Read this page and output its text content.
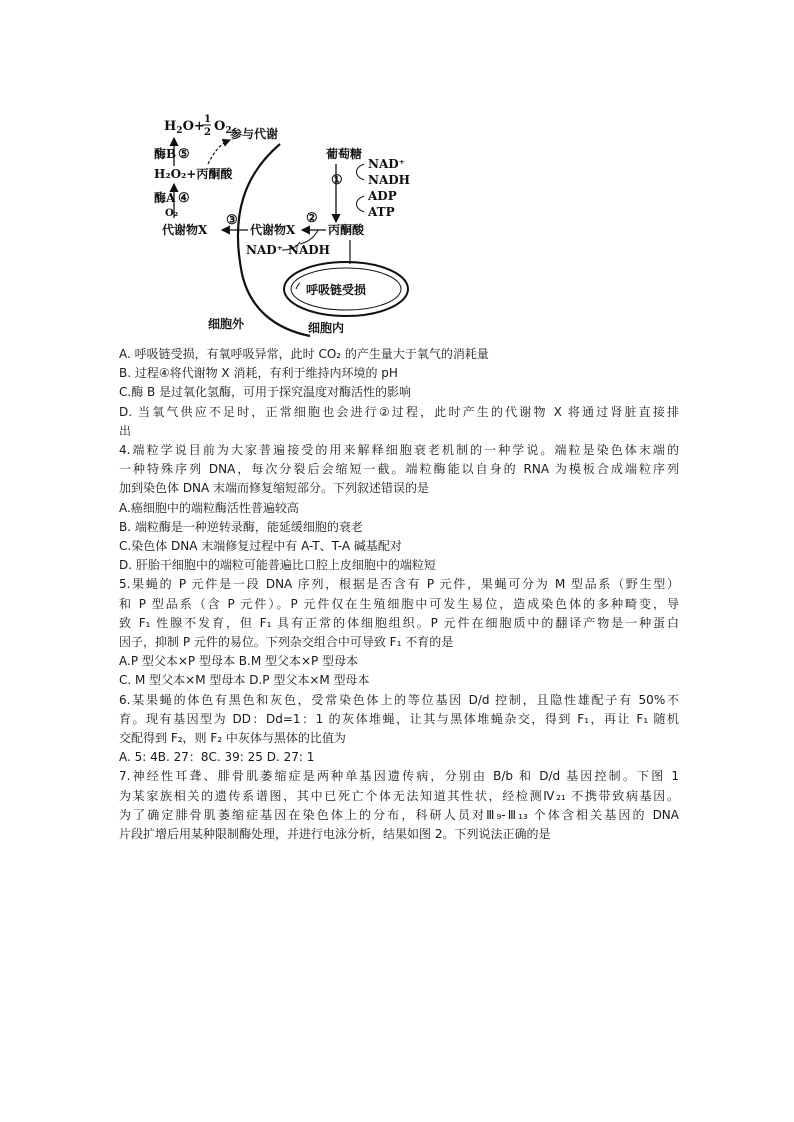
$H_2O+ 1$
2 $O_2$
酶B ⑤
参与代谢
H₂O₂+丙酮酸
酶A ④
O₂
代谢物X
③
代谢物X
②
丙酮酸
葡萄糖
①
NAD⁺
NADH
ADP
ATP
NAD⁺ NADH
呼吸链受损
细胞外	细胞内

A. 呼吸链受损，有氧呼吸异常，此时 CO₂ 的产生量大于氧气的消耗量

B. 过程④将代谢物 X 消耗，有利于维持内环境的 pH

C.酶 B 是过氧化氢酶，可用于探究温度对酶活性的影响

D. 当氧气供应不足时，正常细胞也会进行②过程，此时产生的代谢物 X 将通过肾脏直接排

出

4.端粒学说目前为大家普遍接受的用来解释细胞衰老机制的一种学说。端粒是染色体末端的

一种特殊序列 DNA，每次分裂后会缩短一截。端粒酶能以自身的 RNA 为模板合成端粒序列

加到染色体 DNA 末端而修复缩短部分。下列叙述错误的是

A.癌细胞中的端粒酶活性普遍较高

B. 端粒酶是一种逆转录酶，能延缓细胞的衰老

C.染色体 DNA 末端修复过程中有 A-T、T-A 碱基配对

D. 肝胎干细胞中的端粒可能普遍比口腔上皮细胞中的端粒短

5.果蝇的 P 元件是一段 DNA 序列，根据是否含有 P 元件，果蝇可分为 M 型品系（野生型）

和 P 型品系（含 P 元件）。P 元件仅在生殖细胞中可发生易位，造成染色体的多种畸变，导

致 F₁ 性腺不发育，但 F₁ 具有正常的体细胞组织。P 元件在细胞质中的翻译产物是一种蛋白

因子，抑制 P 元件的易位。下列杂交组合中可导致 F₁ 不育的是

A.P 型父本×P 型母本 B.M 型父本×P 型母本

C. M 型父本×M 型母本 D.P 型父本×M 型母本

6.某果蝇的体色有黑色和灰色，受常染色体上的等位基因 D/d 控制，且隐性雄配子有 50%不

育。现有基因型为 DD：Dd=1：1 的灰体堆蝇，让其与黑体堆蝇杂交，得到 F₁，再让 F₁ 随机

交配得到 F₂，则 F₂ 中灰体与黑体的比值为

A. 5: 4B. 27：8C. 39: 25 D. 27: 1

7.神经性耳聋、腓骨肌萎缩症是两种单基因遗传病，分别由 B/b 和 D/d 基因控制。下图 1

为某家族相关的遗传系谱图，其中已死亡个体无法知道其性状，经检测Ⅳ₂₁ 不携带致病基因。

为了确定腓骨肌萎缩症基因在染色体上的分布，科研人员对Ⅲ₉-Ⅲ₁₃ 个体含相关基因的 DNA

片段扩增后用某种限制酶处理，并进行电泳分析，结果如图 2。下列说法正确的是
